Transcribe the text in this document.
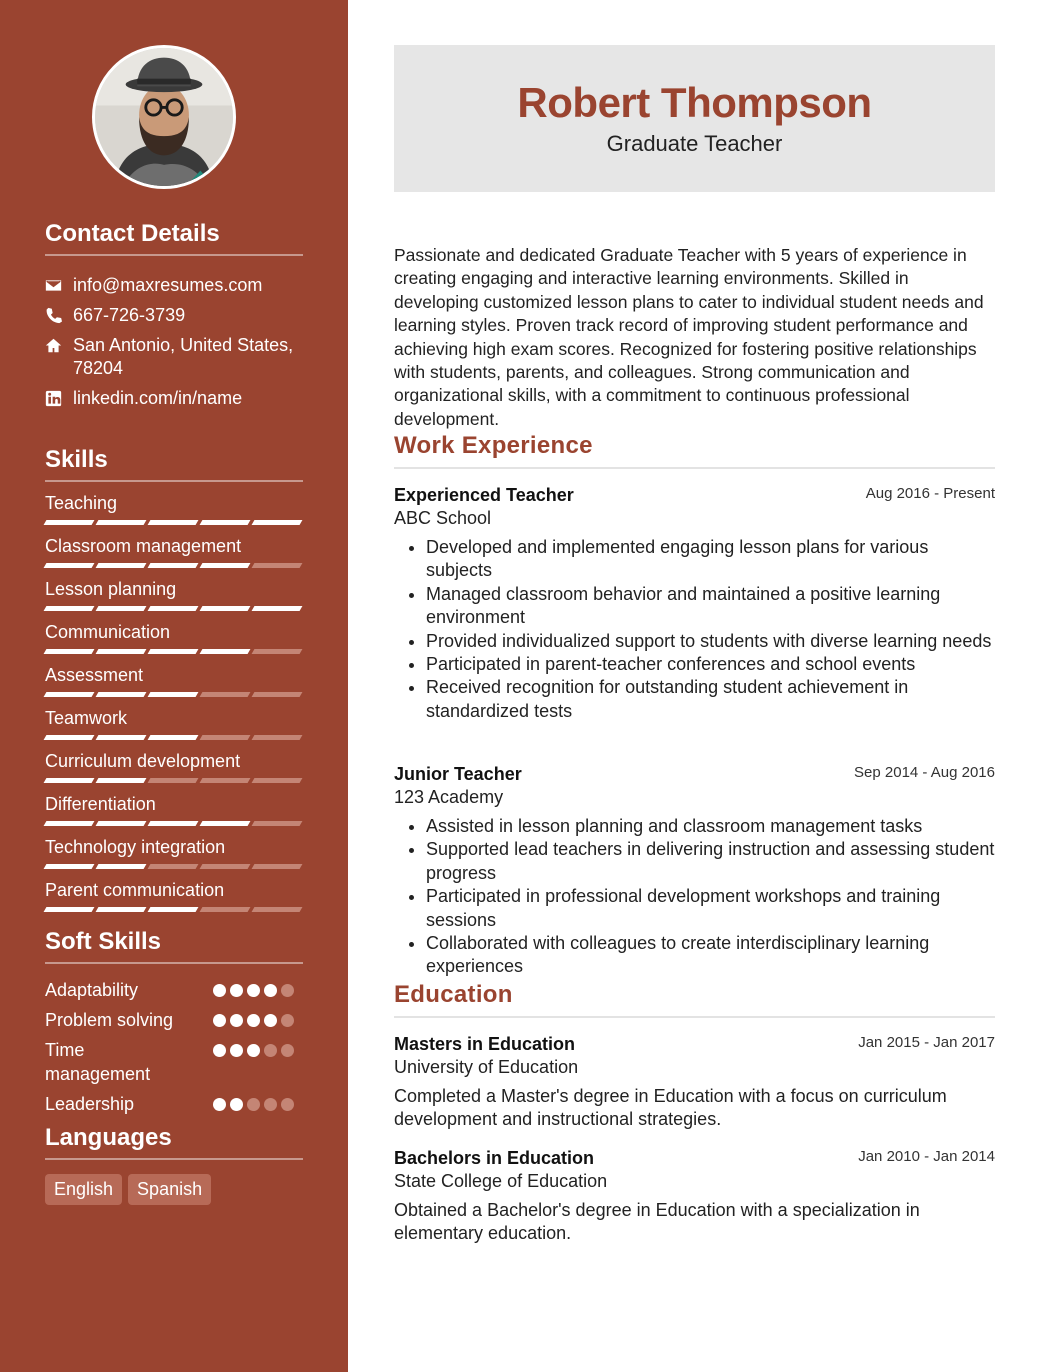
Contact Details
info@maxresumes.com
667-726-3739
San Antonio, United States, 78204
linkedin.com/in/name
Skills
Teaching
Classroom management
Lesson planning
Communication
Assessment
Teamwork
Curriculum development
Differentiation
Technology integration
Parent communication
Soft Skills
Adaptability
Problem solving
Time management
Leadership
Languages
English	Spanish
Robert Thompson
Graduate Teacher

Passionate and dedicated Graduate Teacher with 5 years of experience in creating engaging and interactive learning environments. Skilled in developing customized lesson plans to cater to individual student needs and learning styles. Proven track record of improving student performance and achieving high exam scores. Recognized for fostering positive relationships with students, parents, and colleagues. Strong communication and organizational skills, with a commitment to continuous professional development.

Work Experience
Experienced Teacher	Aug 2016 - Present
ABC School
• Developed and implemented engaging lesson plans for various subjects
• Managed classroom behavior and maintained a positive learning environment
• Provided individualized support to students with diverse learning needs
• Participated in parent-teacher conferences and school events
• Received recognition for outstanding student achievement in standardized tests
Junior Teacher	Sep 2014 - Aug 2016
123 Academy
• Assisted in lesson planning and classroom management tasks
• Supported lead teachers in delivering instruction and assessing student progress
• Participated in professional development workshops and training sessions
• Collaborated with colleagues to create interdisciplinary learning experiences
Education
Masters in Education	Jan 2015 - Jan 2017
University of Education

Completed a Master's degree in Education with a focus on curriculum development and instructional strategies.

Bachelors in Education	Jan 2010 - Jan 2014
State College of Education

Obtained a Bachelor's degree in Education with a specialization in elementary education.
